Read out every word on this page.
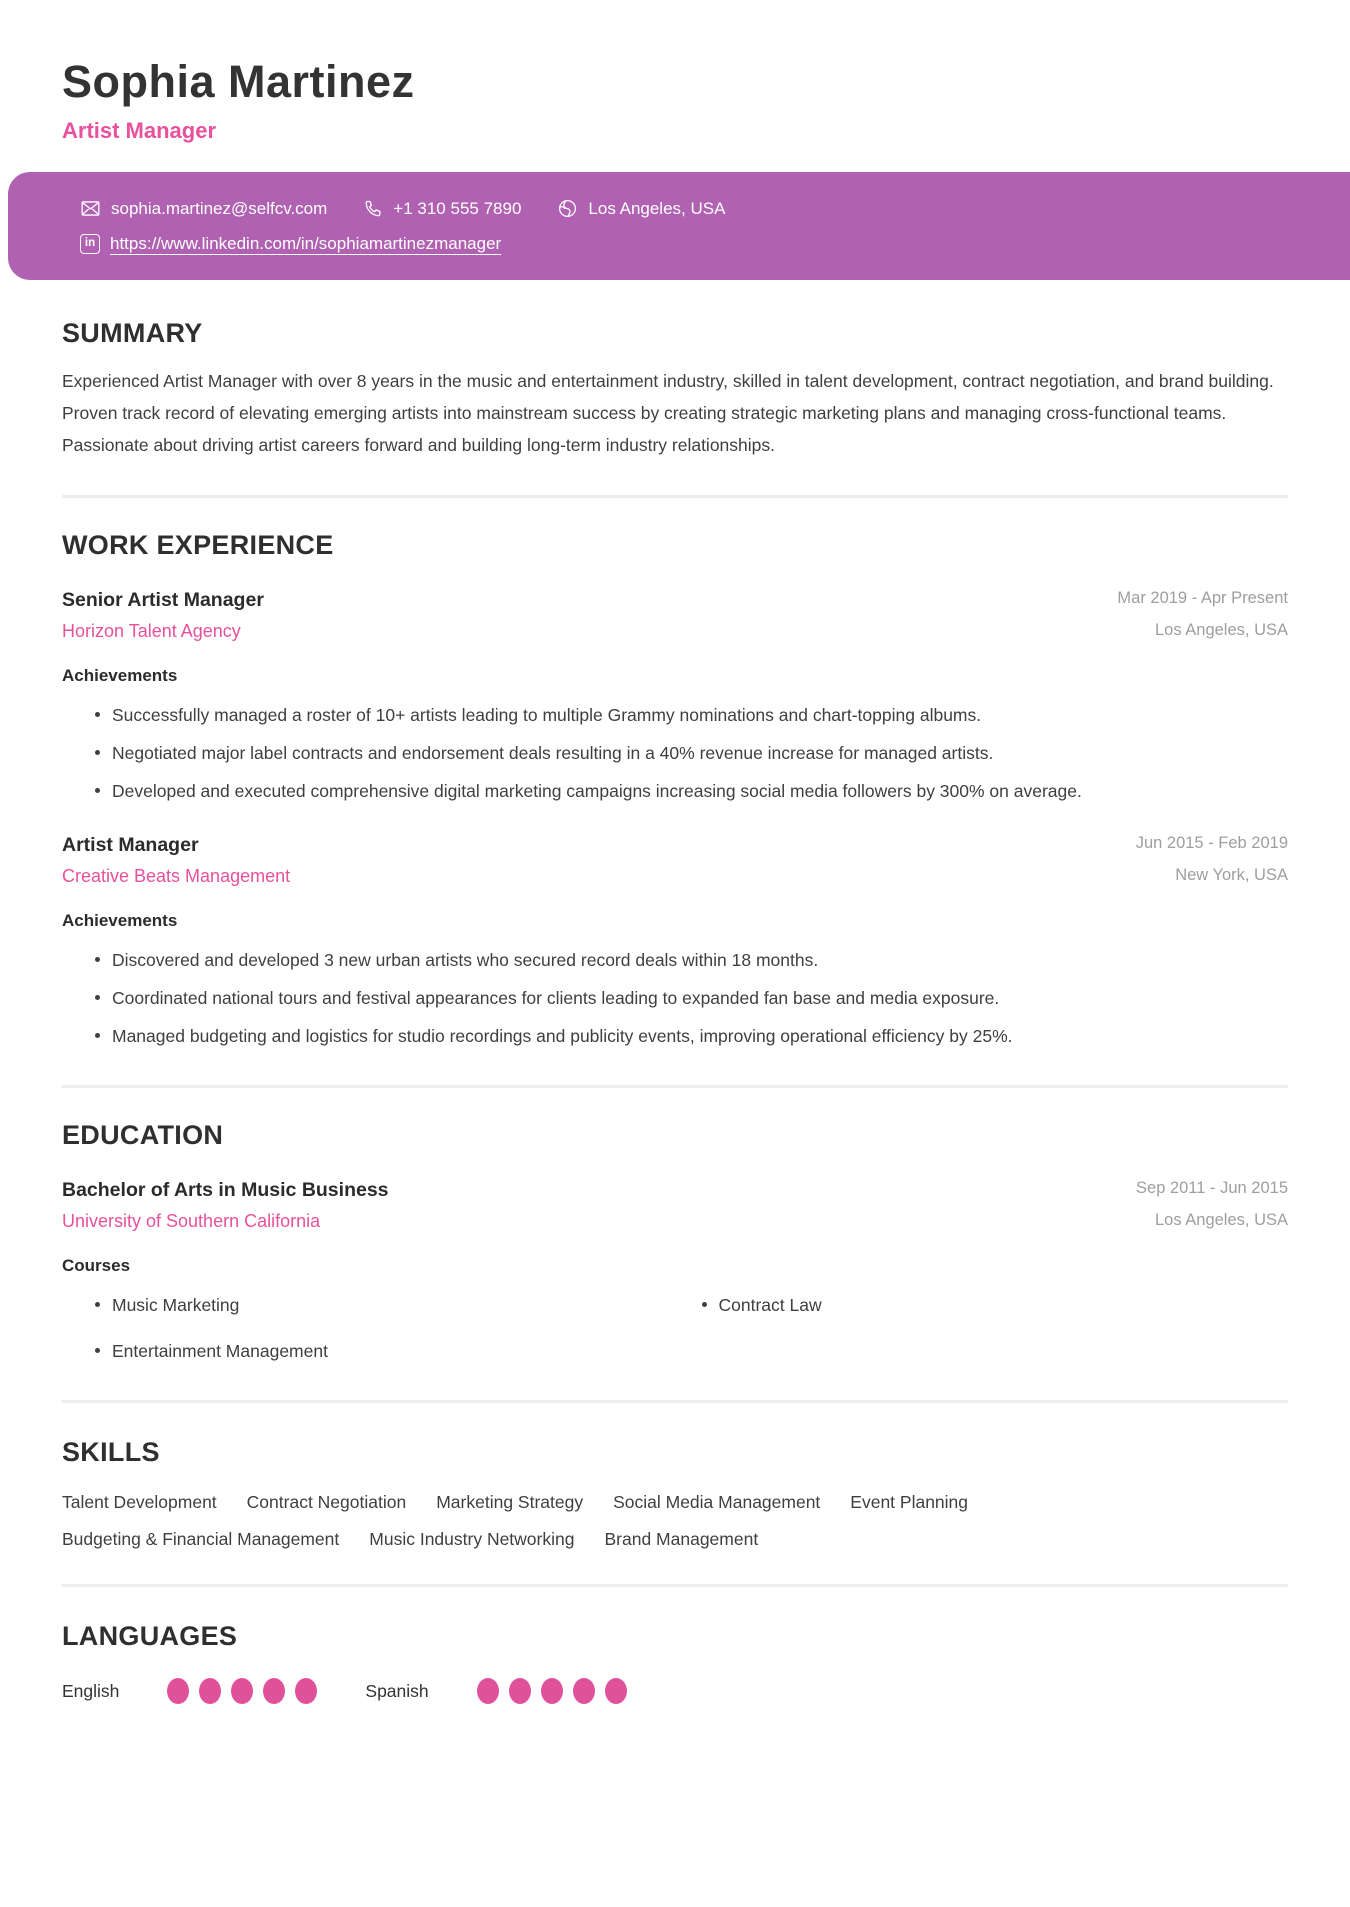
Sophia Martinez
Artist Manager
sophia.martinez@selfcv.com	+1 310 555 7890	Los Angeles, USA
in https://www.linkedin.com/in/sophiamartinezmanager
SUMMARY

Experienced Artist Manager with over 8 years in the music and entertainment industry, skilled in talent development, contract negotiation, and brand building. Proven track record of elevating emerging artists into mainstream success by creating strategic marketing plans and managing cross-functional teams. Passionate about driving artist careers forward and building long-term industry relationships.

WORK EXPERIENCE
Senior Artist Manager
Horizon Talent Agency
Mar 2019 - Apr Present
Los Angeles, USA
Achievements
Successfully managed a roster of 10+ artists leading to multiple Grammy nominations and chart-topping albums.
Negotiated major label contracts and endorsement deals resulting in a 40% revenue increase for managed artists.
Developed and executed comprehensive digital marketing campaigns increasing social media followers by 300% on average.
Artist Manager
Creative Beats Management
Jun 2015 - Feb 2019
New York, USA
Achievements
Discovered and developed 3 new urban artists who secured record deals within 18 months.
Coordinated national tours and festival appearances for clients leading to expanded fan base and media exposure.
Managed budgeting and logistics for studio recordings and publicity events, improving operational efficiency by 25%.
EDUCATION
Bachelor of Arts in Music Business
University of Southern California
Sep 2011 - Jun 2015
Los Angeles, USA
Courses
Music Marketing	Contract Law
Entertainment Management
SKILLS
Talent Development Contract Negotiation Marketing Strategy Social Media Management Event Planning
Budgeting & Financial Management Music Industry Networking Brand Management
LANGUAGES
English	Spanish
